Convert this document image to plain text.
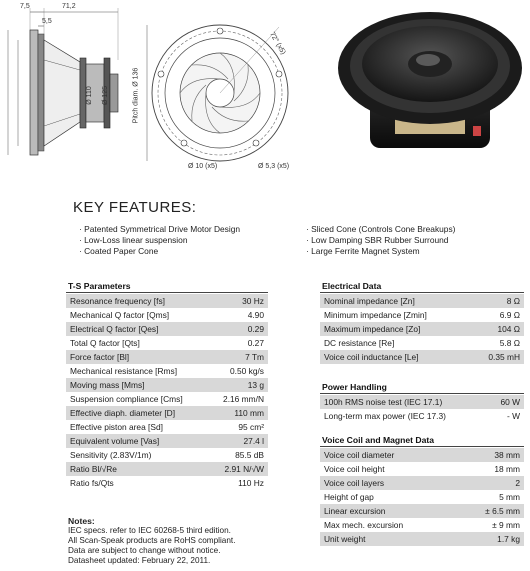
7,5	71,2
5,5
Ø 110 Ø 125	Pitch diam. Ø 136
72° (x5)
Ø 10 (x5)	Ø 5,3 (x5)
KEY FEATURES:
· Patented Symmetrical Drive Motor Design
· Low-Loss linear suspension
· Coated Paper Cone
· Sliced Cone (Controls Cone Breakups)
· Low Damping SBR Rubber Surround
· Large Ferrite Magnet System
T-S Parameters
Resonance frequency [fs]	30 Hz
Mechanical Q factor [Qms]	4.90
Electrical Q factor [Qes]	0.29
Total Q factor [Qts]	0.27
Force factor [Bl]	7 Tm
Mechanical resistance [Rms]	0.50 kg/s
Moving mass [Mms]	13 g
Suspension compliance [Cms]	2.16 mm/N
Effective diaph. diameter [D]	110 mm
Effective piston area [Sd]	95 cm²
Equivalent volume [Vas]	27.4 l
Sensitivity (2.83V/1m)	85.5 dB
Ratio Bl/√Re	2.91 N/√W
Ratio fs/Qts	110 Hz
Electrical Data
Nominal impedance [Zn]	8 Ω
Minimum impedance [Zmin]	6.9 Ω
Maximum impedance [Zo]	104 Ω
DC resistance [Re]	5.8 Ω
Voice coil inductance [Le]	0.35 mH
Power Handling
100h RMS noise test (IEC 17.1)	60 W
Long-term max power (IEC 17.3)	- W
Voice Coil and Magnet Data
Voice coil diameter	38 mm
Voice coil height	18 mm
Voice coil layers	2
Height of gap	5 mm
Linear excursion	± 6.5 mm
Max mech. excursion	± 9 mm
Unit weight	1.7 kg
Notes:
IEC specs. refer to IEC 60268-5 third edition.
All Scan-Speak products are RoHS compliant.
Data are subject to change without notice.
Datasheet updated: February 22, 2011.
